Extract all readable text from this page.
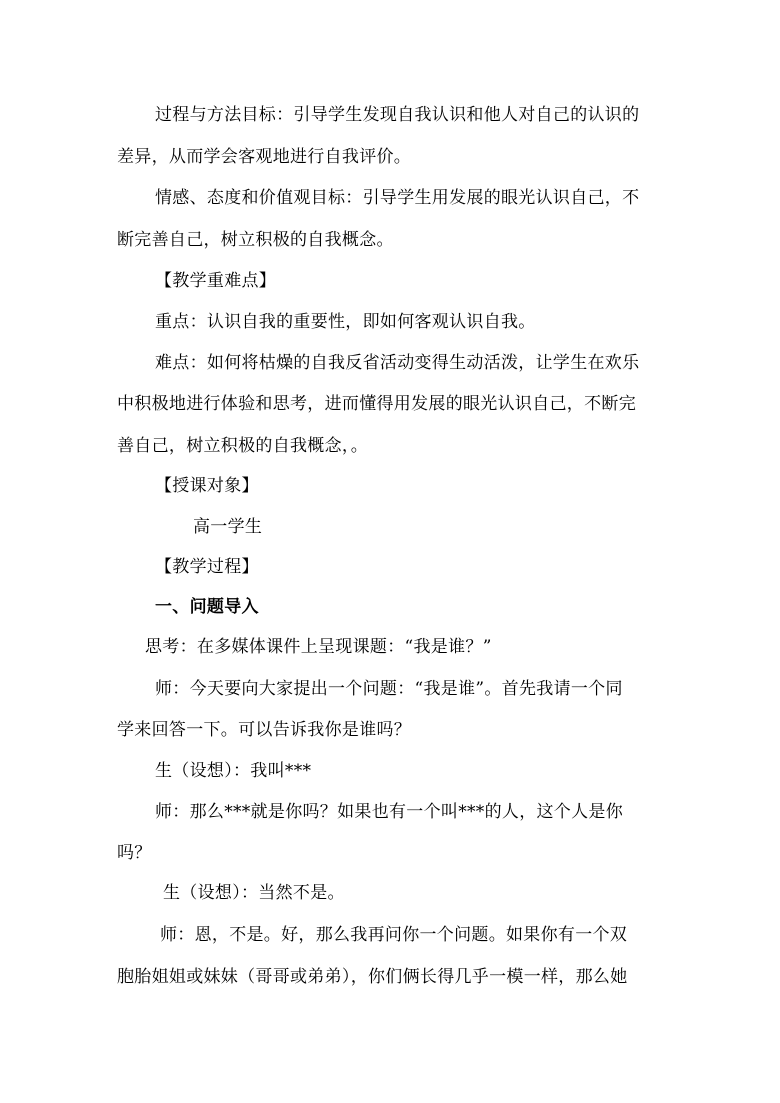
过程与方法目标：引导学生发现自我认识和他人对自己的认识的
差异，从而学会客观地进行自我评价。
情感、态度和价值观目标：引导学生用发展的眼光认识自己，不
断完善自己，树立积极的自我概念。
【教学重难点】
重点：认识自我的重要性，即如何客观认识自我。
难点：如何将枯燥的自我反省活动变得生动活泼，让学生在欢乐
中积极地进行体验和思考，进而懂得用发展的眼光认识自己，不断完
善自己，树立积极的自我概念，。
【授课对象】
高一学生
【教学过程】
一、问题导入
思考：在多媒体课件上呈现课题：“我是谁？”
师：今天要向大家提出一个问题：“我是谁”。首先我请一个同
学来回答一下。可以告诉我你是谁吗？
生（设想）：我叫***
师：那么***就是你吗？如果也有一个叫***的人，这个人是你
吗？
生（设想）：当然不是。
师：恩，不是。好，那么我再问你一个问题。如果你有一个双
胞胎姐姐或妹妹（哥哥或弟弟），你们俩长得几乎一模一样，那么她
